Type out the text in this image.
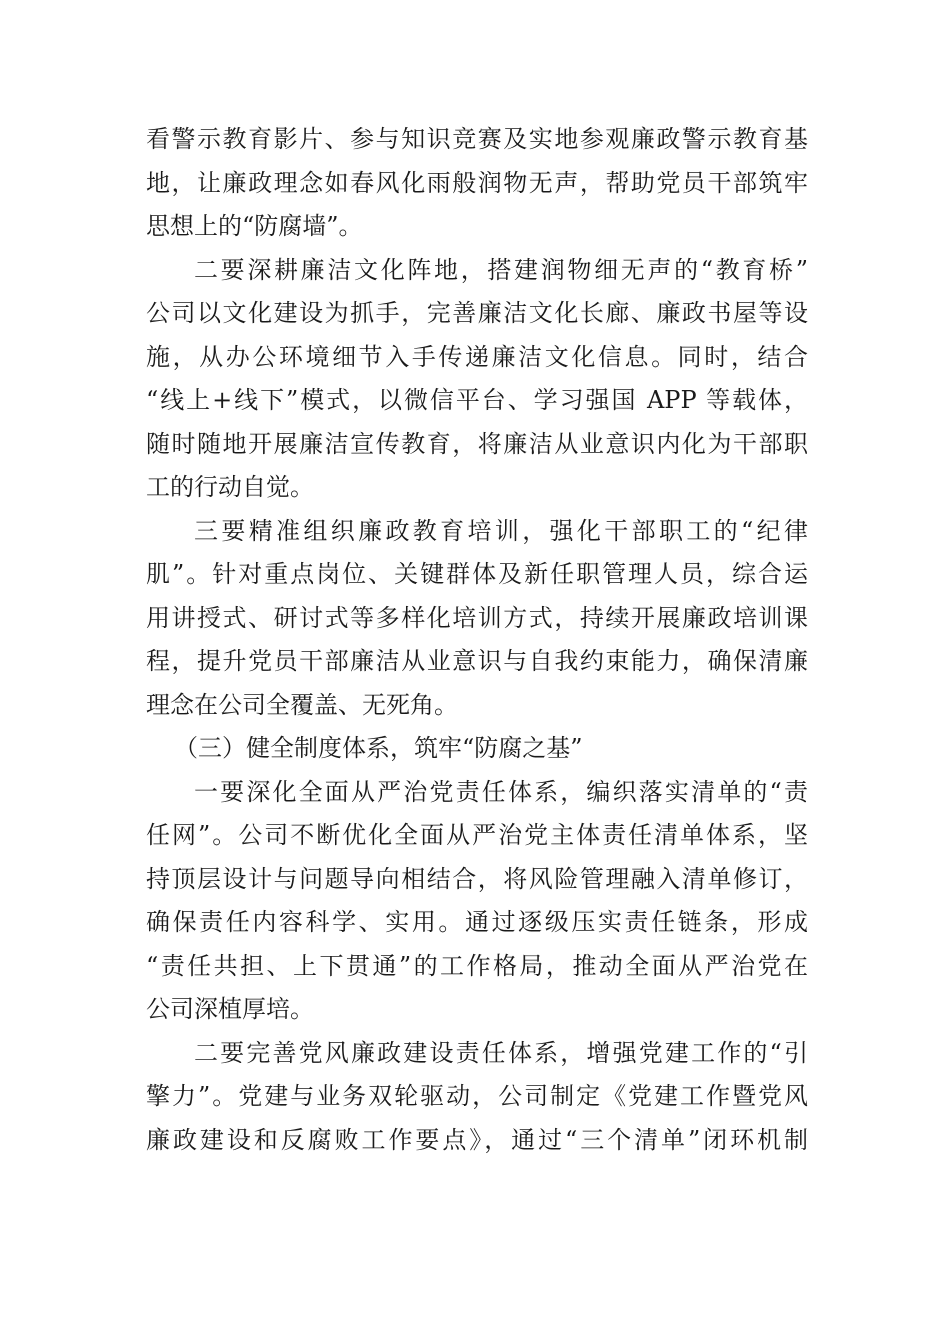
看警示教育影片、参与知识竞赛及实地参观廉政警示教育基
地，让廉政理念如春风化雨般润物无声，帮助党员干部筑牢
思想上的“防腐墙”。
二要深耕廉洁文化阵地，搭建润物细无声的“教育桥”
公司以文化建设为抓手，完善廉洁文化长廊、廉政书屋等设
施，从办公环境细节入手传递廉洁文化信息。同时，结合
“线上+线下”模式，以微信平台、学习强国 APP 等载体，
随时随地开展廉洁宣传教育，将廉洁从业意识内化为干部职
工的行动自觉。
三要精准组织廉政教育培训，强化干部职工的“纪律
肌”。针对重点岗位、关键群体及新任职管理人员，综合运
用讲授式、研讨式等多样化培训方式，持续开展廉政培训课
程，提升党员干部廉洁从业意识与自我约束能力，确保清廉
理念在公司全覆盖、无死角。
（三）健全制度体系，筑牢“防腐之基”
一要深化全面从严治党责任体系，编织落实清单的“责
任网”。公司不断优化全面从严治党主体责任清单体系，坚
持顶层设计与问题导向相结合，将风险管理融入清单修订，
确保责任内容科学、实用。通过逐级压实责任链条，形成
“责任共担、上下贯通”的工作格局，推动全面从严治党在
公司深植厚培。
二要完善党风廉政建设责任体系，增强党建工作的“引
擎力”。党建与业务双轮驱动，公司制定《党建工作暨党风
廉政建设和反腐败工作要点》，通过“三个清单”闭环机制
